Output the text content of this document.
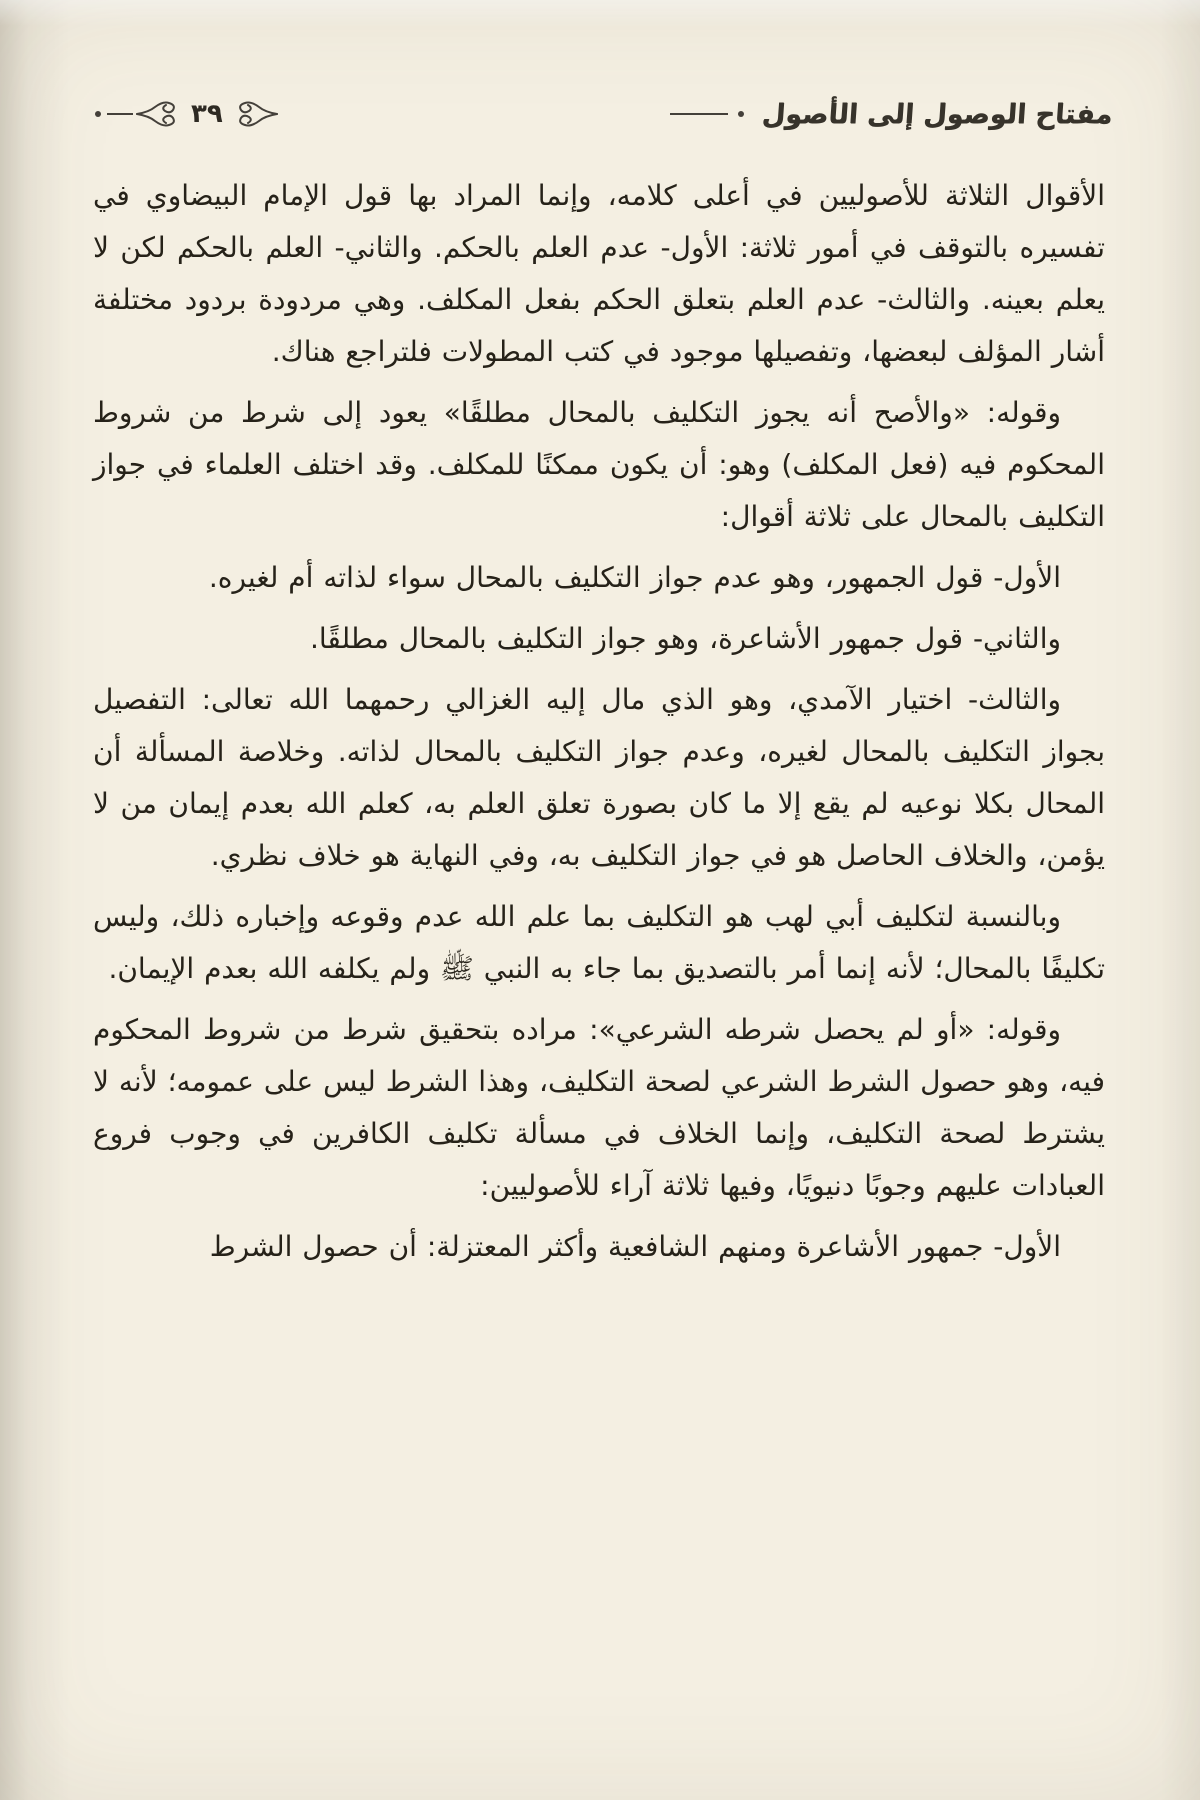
٣٩	مفتاح الوصول إلى الأصول

الأقوال الثلاثة للأصوليين في أعلى كلامه، وإنما المراد بها قول الإمام البيضاوي في تفسيره بالتوقف في أمور ثلاثة: الأول- عدم العلم بالحكم. والثاني- العلم بالحكم لكن لا يعلم بعينه. والثالث- عدم العلم بتعلق الحكم بفعل المكلف. وهي مردودة بردود مختلفة أشار المؤلف لبعضها، وتفصيلها موجود في كتب المطولات فلتراجع هناك.

وقوله: «والأصح أنه يجوز التكليف بالمحال مطلقًا» يعود إلى شرط من شروط المحكوم فيه (فعل المكلف) وهو: أن يكون ممكنًا للمكلف. وقد اختلف العلماء في جواز التكليف بالمحال على ثلاثة أقوال:

الأول- قول الجمهور، وهو عدم جواز التكليف بالمحال سواء لذاته أم لغيره.

والثاني- قول جمهور الأشاعرة، وهو جواز التكليف بالمحال مطلقًا.

والثالث- اختيار الآمدي، وهو الذي مال إليه الغزالي رحمهما الله تعالى: التفصيل بجواز التكليف بالمحال لغيره، وعدم جواز التكليف بالمحال لذاته. وخلاصة المسألة أن المحال بكلا نوعيه لم يقع إلا ما كان بصورة تعلق العلم به، كعلم الله بعدم إيمان من لا يؤمن، والخلاف الحاصل هو في جواز التكليف به، وفي النهاية هو خلاف نظري.

وبالنسبة لتكليف أبي لهب هو التكليف بما علم الله عدم وقوعه وإخباره ذلك، وليس تكليفًا بالمحال؛ لأنه إنما أمر بالتصديق بما جاء به النبي ﷺ ولم يكلفه الله بعدم الإيمان.

وقوله: «أو لم يحصل شرطه الشرعي»: مراده بتحقيق شرط من شروط المحكوم فيه، وهو حصول الشرط الشرعي لصحة التكليف، وهذا الشرط ليس على عمومه؛ لأنه لا يشترط لصحة التكليف، وإنما الخلاف في مسألة تكليف الكافرين في وجوب فروع العبادات عليهم وجوبًا دنيويًا، وفيها ثلاثة آراء للأصوليين:

الأول- جمهور الأشاعرة ومنهم الشافعية وأكثر المعتزلة: أن حصول الشرط
